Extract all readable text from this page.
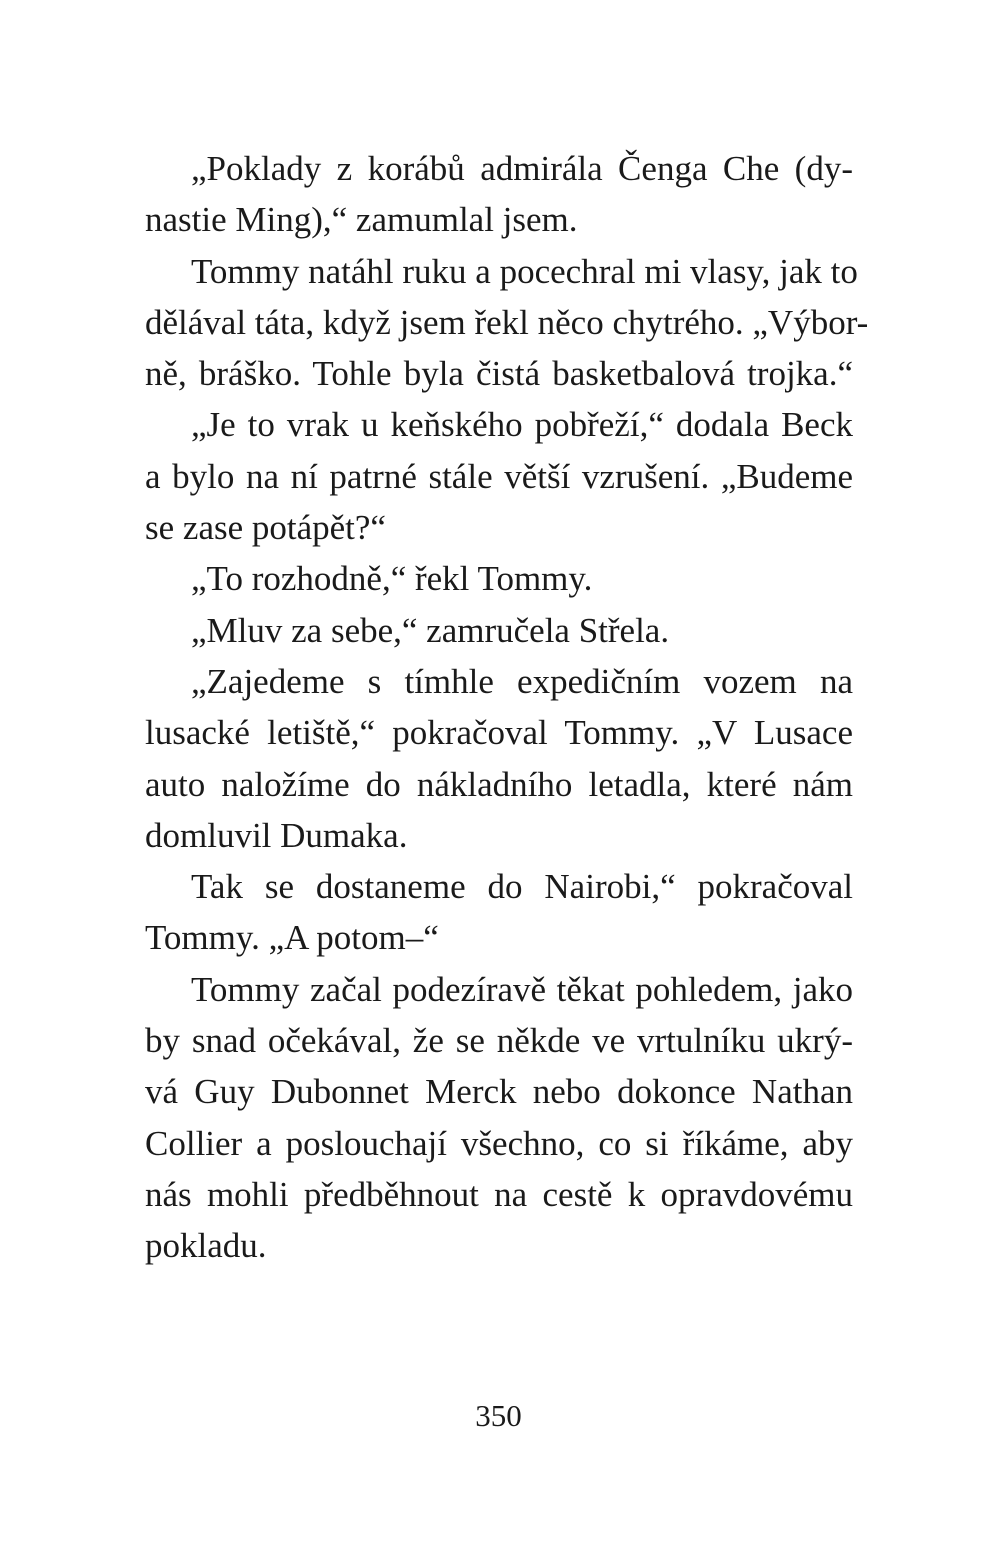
„Poklady z korábů admirála Čenga Che (dy-
nastie Ming),“ zamumlal jsem.
Tommy natáhl ruku a pocechral mi vlasy, jak to
dělával táta, když jsem řekl něco chytrého. „Výbor-
ně, bráško. Tohle byla čistá basketbalová trojka.“
„Je to vrak u keňského pobřeží,“ dodala Beck
a bylo na ní patrné stále větší vzrušení. „Budeme
se zase potápět?“
„To rozhodně,“ řekl Tommy.
„Mluv za sebe,“ zamručela Střela.
„Zajedeme s tímhle expedičním vozem na
lusacké letiště,“ pokračoval Tommy. „V Lusace
auto naložíme do nákladního letadla, které nám
domluvil Dumaka.
Tak se dostaneme do Nairobi,“ pokračoval
Tommy. „A potom–“
Tommy začal podezíravě těkat pohledem, jako
by snad očekával, že se někde ve vrtulníku ukrý-
vá Guy Dubonnet Merck nebo dokonce Nathan
Collier a poslouchají všechno, co si říkáme, aby
nás mohli předběhnout na cestě k opravdovému
pokladu.
350
